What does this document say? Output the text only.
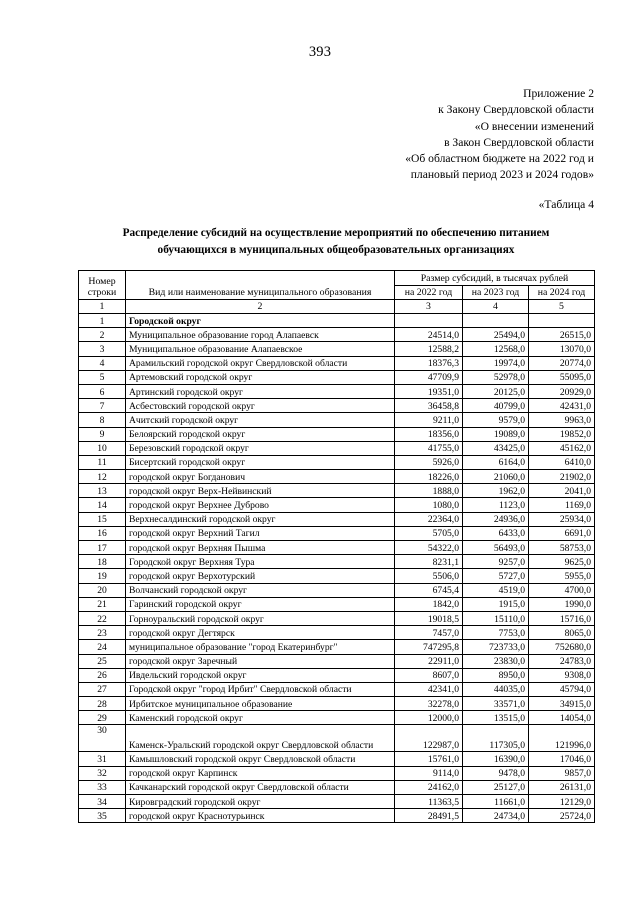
393
Приложение 2
к Закону Свердловской области
«О внесении изменений
в Закон Свердловской области
«Об областном бюджете на 2022 год и
плановый период 2023 и 2024 годов»
«Таблица 4
Распределение субсидий на осуществление мероприятий по обеспечению питанием
обучающихся в муниципальных общеобразовательных организациях
Номер строки	Вид или наименование муниципального образования	Размер субсидий, в тысячах рублей		
		на 2022 год	на 2023 год	на 2024 год
1	2	3	4	5
1	Городской округ			
2	Муниципальное образование город Алапаевск	24514,0	25494,0	26515,0
3	Муниципальное образование Алапаевское	12588,2	12568,0	13070,0
4	Арамильский городской округ Свердловской области	18376,3	19974,0	20774,0
5	Артемовский городской округ	47709,9	52978,0	55095,0
6	Артинский городской округ	19351,0	20125,0	20929,0
7	Асбестовский городской округ	36458,8	40799,0	42431,0
8	Ачитский городской округ	9211,0	9579,0	9963,0
9	Белоярский городской округ	18356,0	19089,0	19852,0
10	Березовский городской округ	41755,0	43425,0	45162,0
11	Бисертский городской округ	5926,0	6164,0	6410,0
12	городской округ Богданович	18226,0	21060,0	21902,0
13	городской округ Верх-Нейвинский	1888,0	1962,0	2041,0
14	городской округ Верхнее Дуброво	1080,0	1123,0	1169,0
15	Верхнесалдинский городской округ	22364,0	24936,0	25934,0
16	городской округ Верхний Тагил	5705,0	6433,0	6691,0
17	городской округ Верхняя Пышма	54322,0	56493,0	58753,0
18	Городской округ Верхняя Тура	8231,1	9257,0	9625,0
19	городской округ Верхотурский	5506,0	5727,0	5955,0
20	Волчанский городской округ	6745,4	4519,0	4700,0
21	Гаринский городской округ	1842,0	1915,0	1990,0
22	Горноуральский городской округ	19018,5	15110,0	15716,0
23	городской округ Дегтярск	7457,0	7753,0	8065,0
24	муниципальное образование "город Екатеринбург"	747295,8	723733,0	752680,0
25	городской округ Заречный	22911,0	23830,0	24783,0
26	Ивдельский городской округ	8607,0	8950,0	9308,0
27	Городской округ "город Ирбит" Свердловской области	42341,0	44035,0	45794,0
28	Ирбитское муниципальное образование	32278,0	33571,0	34915,0
29	Каменский городской округ	12000,0	13515,0	14054,0
30	Каменск-Уральский городской округ Свердловской области	122987,0	117305,0	121996,0
31	Камышловский городской округ Свердловской области	15761,0	16390,0	17046,0
32	городской округ Карпинск	9114,0	9478,0	9857,0
33	Качканарский городской округ Свердловской области	24162,0	25127,0	26131,0
34	Кировградский городской округ	11363,5	11661,0	12129,0
35	городской округ Краснотурьинск	28491,5	24734,0	25724,0
